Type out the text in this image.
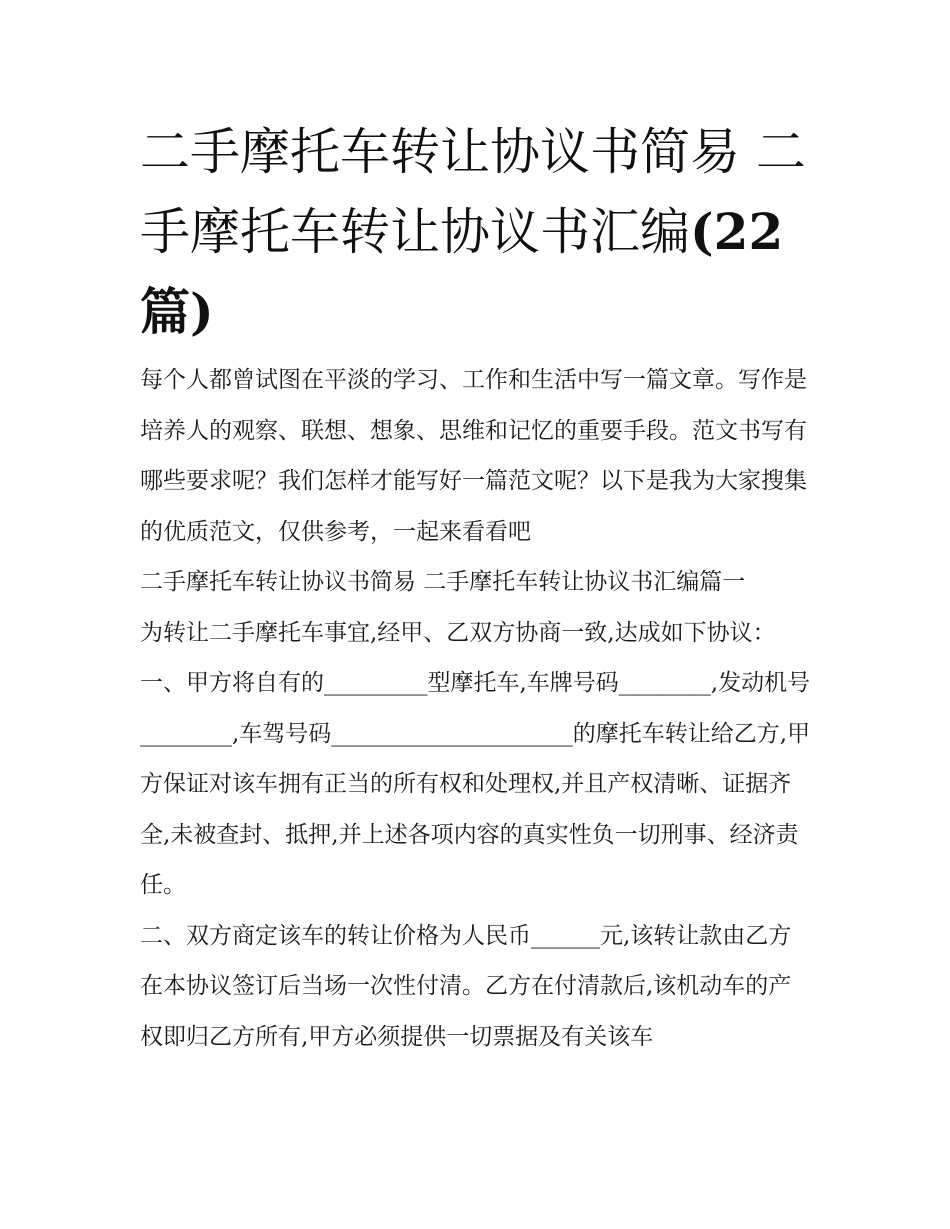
二手摩托车转让协议书简易 二手摩托车转让协议书汇编(22篇)

每个人都曾试图在平淡的学习、工作和生活中写一篇文章。写作是培养人的观察、联想、想象、思维和记忆的重要手段。范文书写有哪些要求呢？我们怎样才能写好一篇范文呢？以下是我为大家搜集的优质范文，仅供参考，一起来看看吧

二手摩托车转让协议书简易 二手摩托车转让协议书汇编篇一

为转让二手摩托车事宜,经甲、乙双方协商一致,达成如下协议：

一、甲方将自有的_________型摩托车,车牌号码________,发动机号________,车驾号码_____________________的摩托车转让给乙方,甲方保证对该车拥有正当的所有权和处理权,并且产权清晰、证据齐全,未被查封、抵押,并上述各项内容的真实性负一切刑事、经济责任。

二、双方商定该车的转让价格为人民币______元,该转让款由乙方在本协议签订后当场一次性付清。乙方在付清款后,该机动车的产权即归乙方所有,甲方必须提供一切票据及有关该车
